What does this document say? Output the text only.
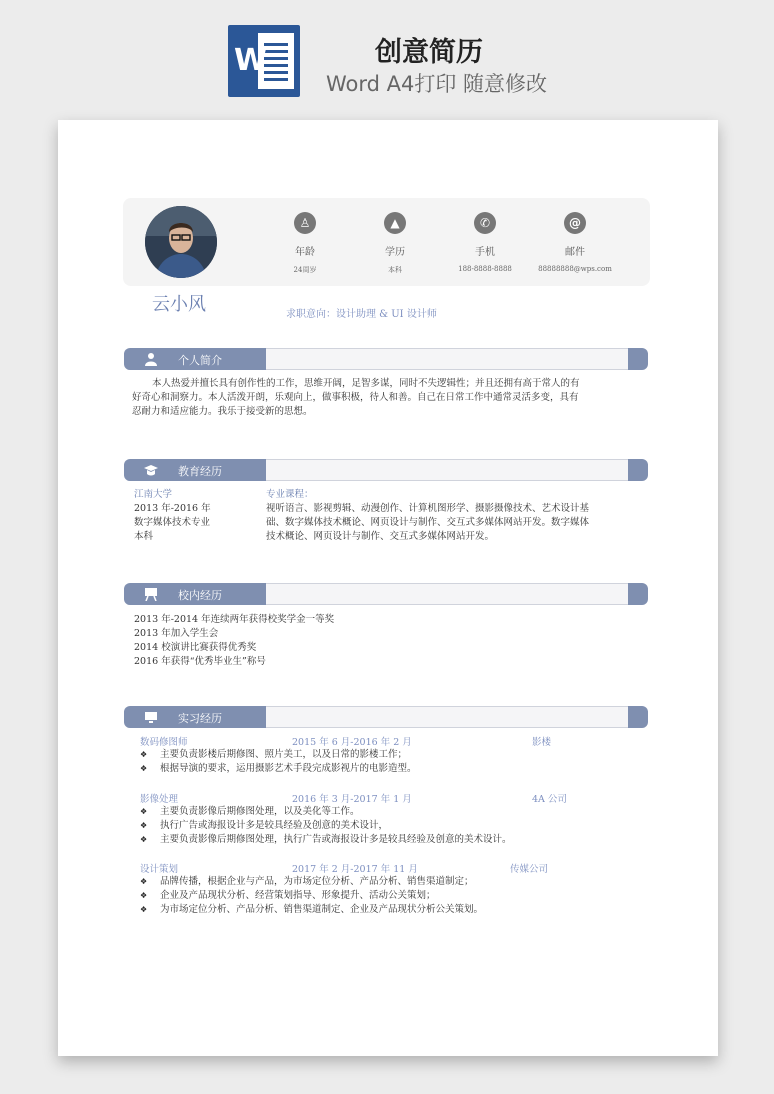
W	创意简历
Word A4打印 随意修改
♙
年龄
24周岁
▲
学历
本科
✆
手机
188-8888-8888
@
邮件
88888888@wps.com
云小风	求职意向：设计助理 & UI 设计师
个人简介
本人热爱并擅长具有创作性的工作，思维开阔，足智多谋，同时不失逻辑性；并且还拥有高于常人的有
好奇心和洞察力。本人活泼开朗，乐观向上，做事积极，待人和善。自己在日常工作中通常灵活多变，具有
忍耐力和适应能力。我乐于接受新的思想。
教育经历
江南大学
2013 年-2016 年
数字媒体技术专业
本科
专业课程：
视听语言、影视剪辑、动漫创作、计算机图形学、摄影摄像技术、艺术设计基
础、数字媒体技术概论、网页设计与制作、交互式多媒体网站开发。数字媒体
技术概论、网页设计与制作、交互式多媒体网站开发。
校内经历
2013 年-2014 年连续两年获得校奖学金一等奖
2013 年加入学生会
2014 校演讲比赛获得优秀奖
2016 年获得“优秀毕业生”称号
实习经历
数码修图师	2015 年 6 月-2016 年 2 月	影楼
❖ 主要负责影楼后期修图、照片美工，以及日常的影楼工作；
❖ 根据导演的要求，运用摄影艺术手段完成影视片的电影造型。
影像处理	2016 年 3 月-2017 年 1 月	4A 公司
❖ 主要负责影像后期修图处理，以及美化等工作。
❖ 执行广告或海报设计多是较具经验及创意的美术设计，
❖ 主要负责影像后期修图处理，执行广告或海报设计多是较具经验及创意的美术设计。
设计策划	2017 年 2 月-2017 年 11 月	传媒公司
❖ 品牌传播，根据企业与产品，为市场定位分析、产品分析、销售渠道制定；
❖ 企业及产品现状分析、经营策划指导、形象提升、活动公关策划；
❖ 为市场定位分析、产品分析、销售渠道制定、企业及产品现状分析公关策划。
